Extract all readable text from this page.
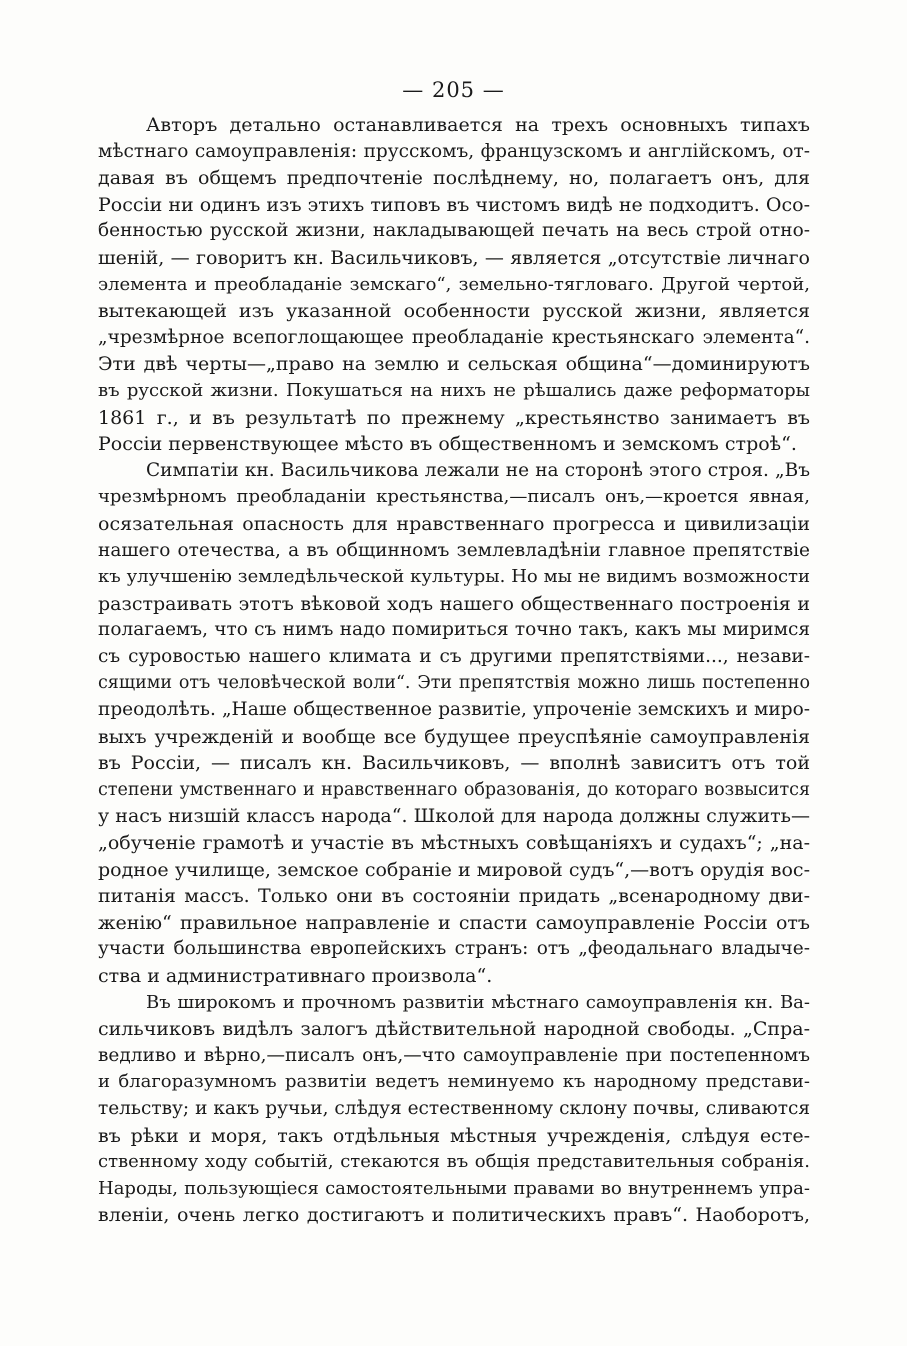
— 205 —
Авторъ детально останавливается на трехъ основныхъ типахъ
мѣстнаго самоуправленія: прусскомъ, французскомъ и англійскомъ, от-
давая въ общемъ предпочтеніе послѣднему, но, полагаетъ онъ, для
Россіи ни одинъ изъ этихъ типовъ въ чистомъ видѣ не подходитъ. Осо-
бенностью русской жизни, накладывающей печать на весь строй отно-
шеній, — говоритъ кн. Васильчиковъ, — является „отсутствіе личнаго
элемента и преобладаніе земскаго“, земельно-тягловаго. Другой чертой,
вытекающей изъ указанной особенности русской жизни, является
„чрезмѣрное всепоглощающее преобладаніе крестьянскаго элемента“.
Эти двѣ черты—„право на землю и сельская община“—доминируютъ
въ русской жизни. Покушаться на нихъ не рѣшались даже реформаторы
1861 г., и въ результатѣ по прежнему „крестьянство занимаетъ въ
Россіи первенствующее мѣсто въ общественномъ и земскомъ строѣ“.
Симпатіи кн. Васильчикова лежали не на сторонѣ этого строя. „Въ
чрезмѣрномъ преобладаніи крестьянства,—писалъ онъ,—кроется явная,
осязательная опасность для нравственнаго прогресса и цивилизаціи
нашего отечества, а въ общинномъ землевладѣніи главное препятствіе
къ улучшенію земледѣльческой культуры. Но мы не видимъ возможности
разстраивать этотъ вѣковой ходъ нашего общественнаго построенія и
полагаемъ, что съ нимъ надо помириться точно такъ, какъ мы миримся
съ суровостью нашего климата и съ другими препятствіями..., незави-
сящими отъ человѣческой воли“. Эти препятствія можно лишь постепенно
преодолѣть. „Наше общественное развитіе, упроченіе земскихъ и миро-
выхъ учрежденій и вообще все будущее преуспѣяніе самоуправленія
въ Россіи, — писалъ кн. Васильчиковъ, — вполнѣ зависитъ отъ той
степени умственнаго и нравственнаго образованія, до котораго возвысится
у насъ низшій классъ народа“. Школой для народа должны служить—
„обученіе грамотѣ и участіе въ мѣстныхъ совѣщаніяхъ и судахъ“; „на-
родное училище, земское собраніе и мировой судъ“,—вотъ орудія вос-
питанія массъ. Только они въ состояніи придать „всенародному дви-
женію“ правильное направленіе и спасти самоуправленіе Россіи отъ
участи большинства европейскихъ странъ: отъ „феодальнаго владыче-
ства и административнаго произвола“.
Въ широкомъ и прочномъ развитіи мѣстнаго самоуправленія кн. Ва-
сильчиковъ видѣлъ залогъ дѣйствительной народной свободы. „Спра-
ведливо и вѣрно,—писалъ онъ,—что самоуправленіе при постепенномъ
и благоразумномъ развитіи ведетъ неминуемо къ народному представи-
тельству; и какъ ручьи, слѣдуя естественному склону почвы, сливаются
въ рѣки и моря, такъ отдѣльныя мѣстныя учрежденія, слѣдуя есте-
ственному ходу событій, стекаются въ общія представительныя собранія.
Народы, пользующіеся самостоятельными правами во внутреннемъ упра-
вленіи, очень легко достигаютъ и политическихъ правъ“. Наоборотъ,
